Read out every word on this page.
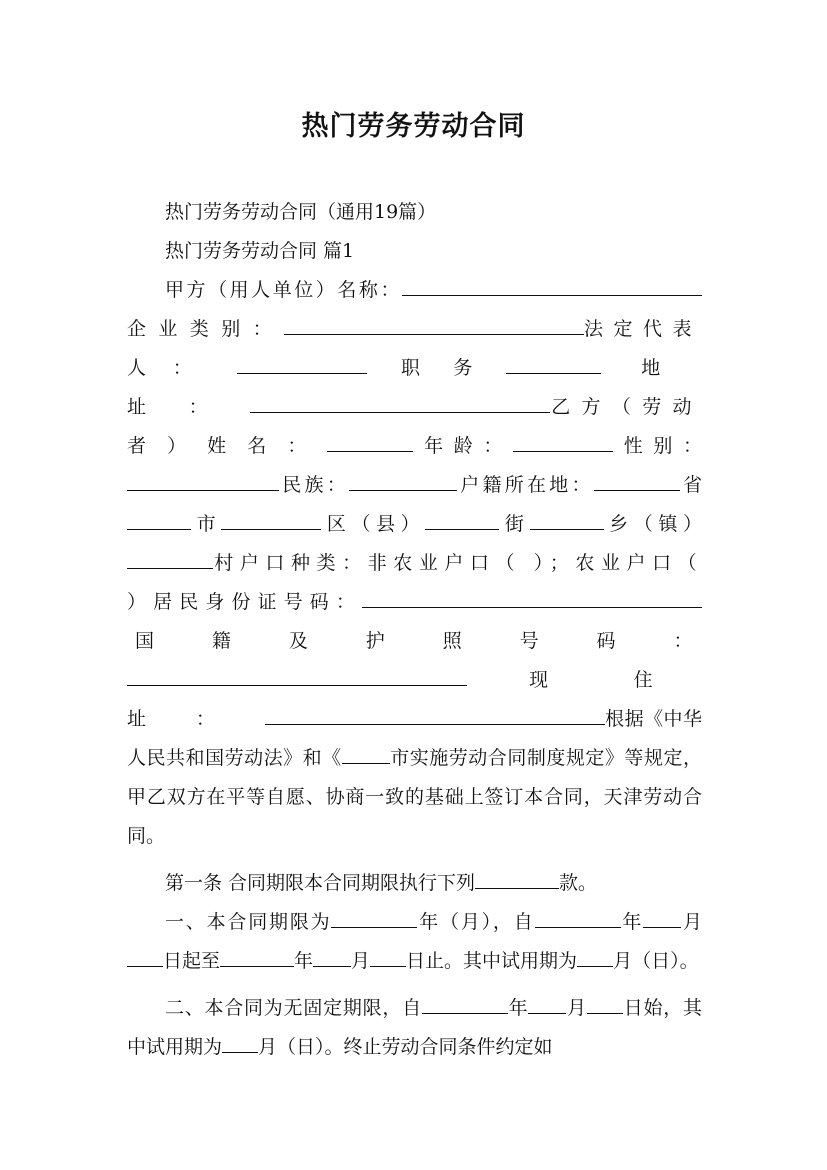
热门劳务劳动合同

热门劳务劳动合同（通用19篇）

热门劳务劳动合同 篇1

甲方（用人单位）名称：企业类别：	法定代表人：	职务	地址：	乙方（劳动者）姓名：	年龄：	性别：民族：	户籍所在地：	省市	区（县）	街	乡（镇）村户口种类：非农业户口（ ）；农业户口（ ）居民身份证号码：国籍及护照号码：现住址：	根据《中华人民共和国劳动法》和《	市实施劳动合同制度规定》等规定，甲乙双方在平等自愿、协商一致的基础上签订本合同，天津劳动合同。

第一条 合同期限本合同期限执行下列	款。

一、本合同期限为	年（月），自	年 月日起至	年 月 日止。其中试用期为 月（日）。

二、本合同为无固定期限，自	年 月 日始，其中试用期为 月（日）。终止劳动合同条件约定如
